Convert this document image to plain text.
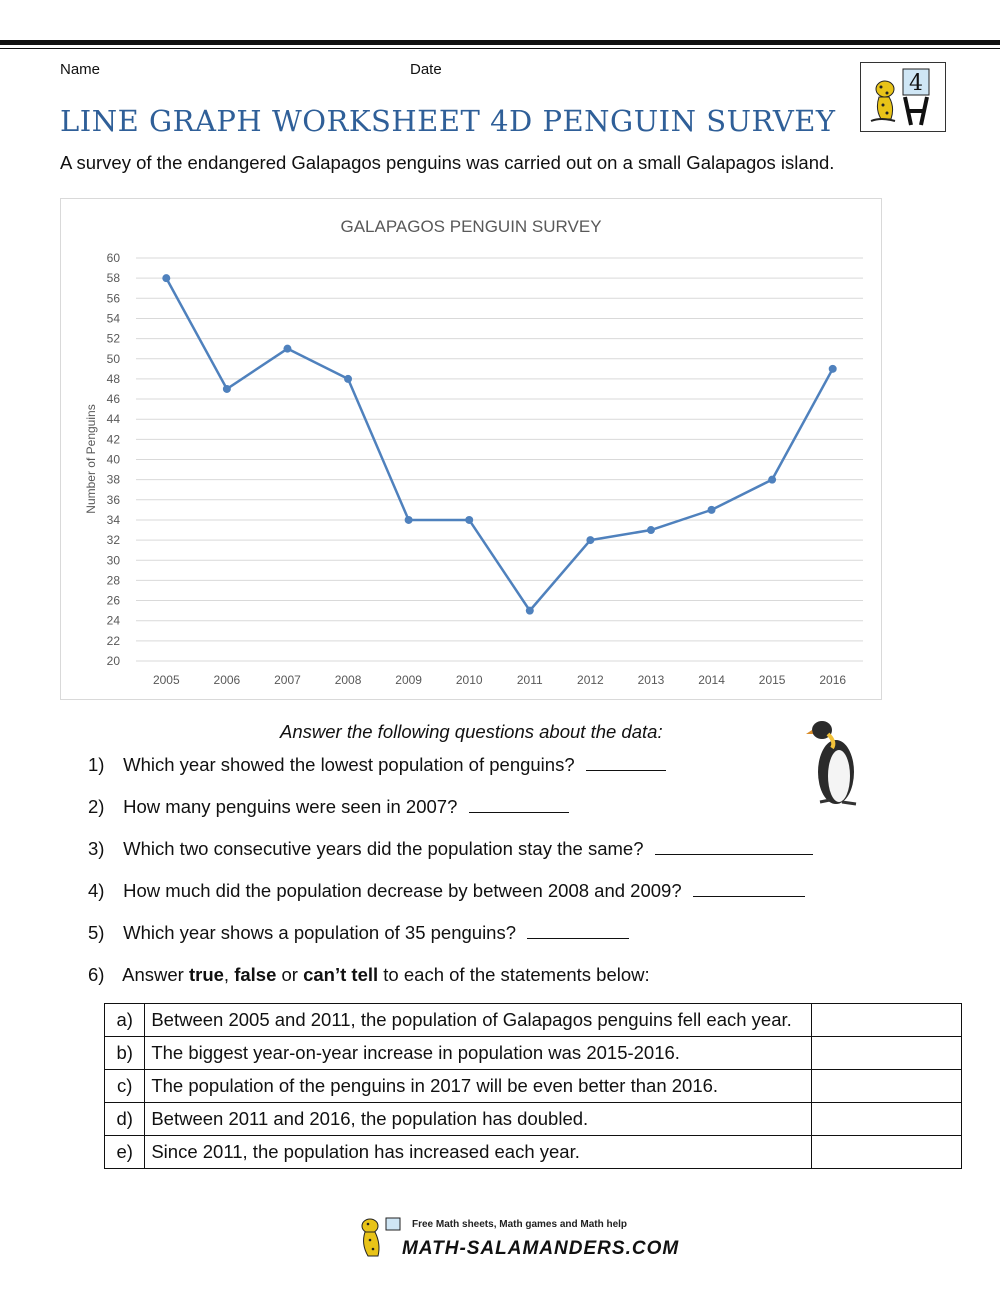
Name	Date
4
LINE GRAPH WORKSHEET 4D PENGUIN SURVEY
A survey of the endangered Galapagos penguins was carried out on a small Galapagos island.
GALAPAGOS PENGUIN SURVEY
Number of Penguins
20
22
24
26
28
30
32
34
36
38
40
42
44
46
48
50
52
54
56
58
60
2005	2006	2007	2008	2009	2010	2011	2012	2013	2014	2015	2016
Answer the following questions about the data:
1) Which year showed the lowest population of penguins?
2) How many penguins were seen in 2007?
3) Which two consecutive years did the population stay the same?
4) How much did the population decrease by between 2008 and 2009?
5) Which year shows a population of 35 penguins?
6) Answer true, false or can’t tell to each of the statements below:
a)	Between 2005 and 2011, the population of Galapagos penguins fell each year.	
b)	The biggest year-on-year increase in population was 2015-2016.	
c)	The population of the penguins in 2017 will be even better than 2016.	
d)	Between 2011 and 2016, the population has doubled.	
e)	Since 2011, the population has increased each year.	
Free Math sheets, Math games and Math help
MATH-SALAMANDERS.COM
